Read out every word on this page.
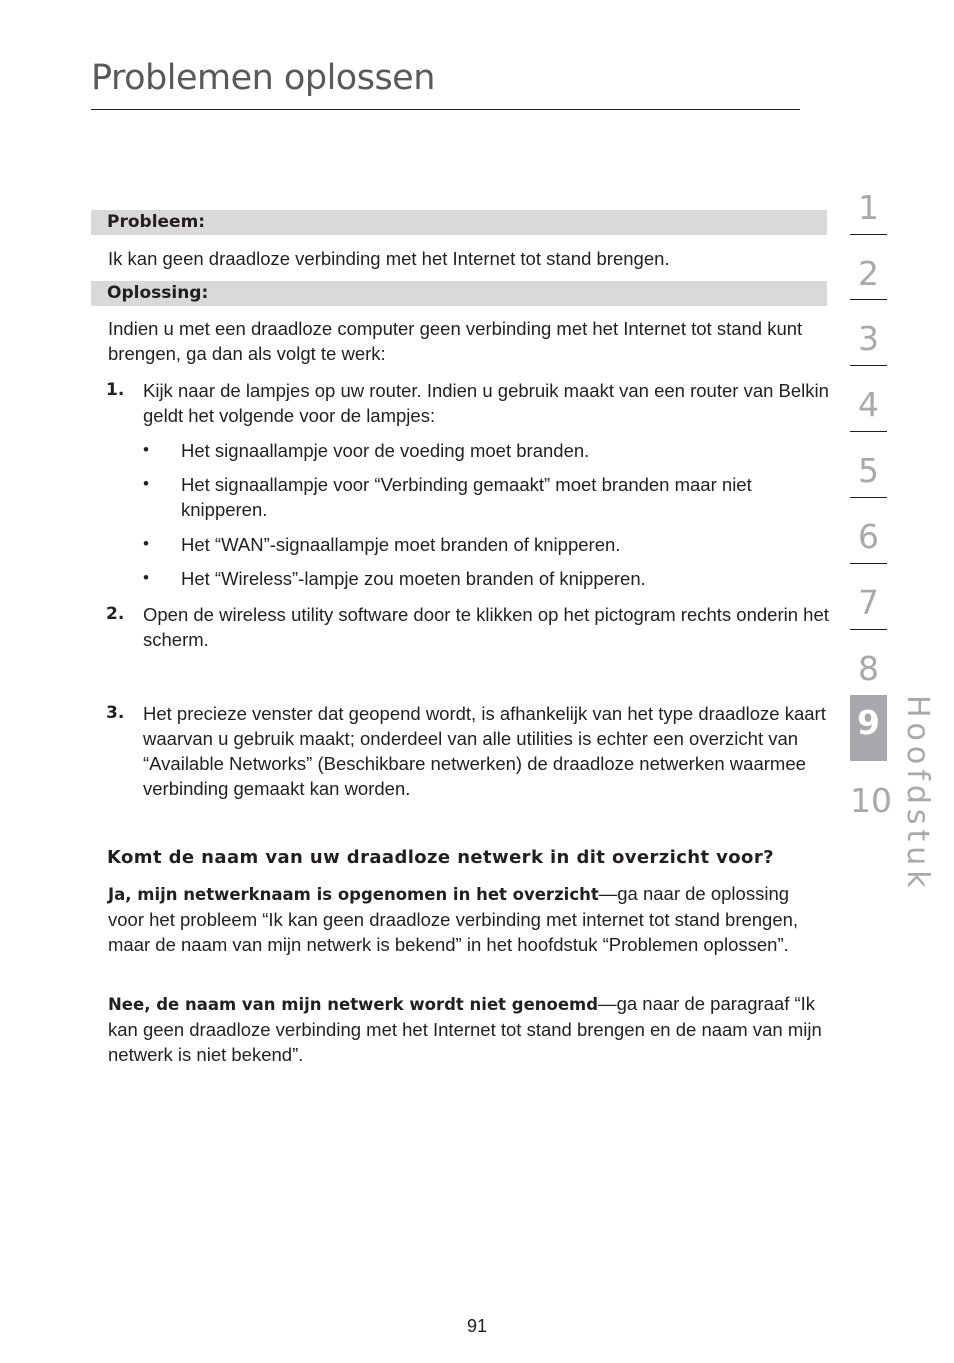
Problemen oplossen
Probleem:

Ik kan geen draadloze verbinding met het Internet tot stand brengen.

Oplossing:

Indien u met een draadloze computer geen verbinding met het Internet tot stand kunt brengen, ga dan als volgt te werk:

1. Kijk naar de lampjes op uw router. Indien u gebruik maakt van een router van Belkin geldt het volgende voor de lampjes:

• Het signaallampje voor de voeding moet branden.

• Het signaallampje voor “Verbinding gemaakt” moet branden maar niet knipperen.

• Het “WAN”-signaallampje moet branden of knipperen.

• Het “Wireless”-lampje zou moeten branden of knipperen.

2. Open de wireless utility software door te klikken op het pictogram rechts onderin het scherm.

3. Het precieze venster dat geopend wordt, is afhankelijk van het type draadloze kaart waarvan u gebruik maakt; onderdeel van alle utilities is echter een overzicht van “Available Networks” (Beschikbare netwerken) de draadloze netwerken waarmee verbinding gemaakt kan worden.

Komt de naam van uw draadloze netwerk in dit overzicht voor?

Ja, mijn netwerknaam is opgenomen in het overzicht—ga naar de oplossing voor het probleem “Ik kan geen draadloze verbinding met internet tot stand brengen, maar de naam van mijn netwerk is bekend” in het hoofdstuk “Problemen oplossen”.

Nee, de naam van mijn netwerk wordt niet genoemd—ga naar de paragraaf “Ik kan geen draadloze verbinding met het Internet tot stand brengen en de naam van mijn netwerk is niet bekend”.

1
2
3
4
5
6
7
8
9
10 Hoofdstuk
91
